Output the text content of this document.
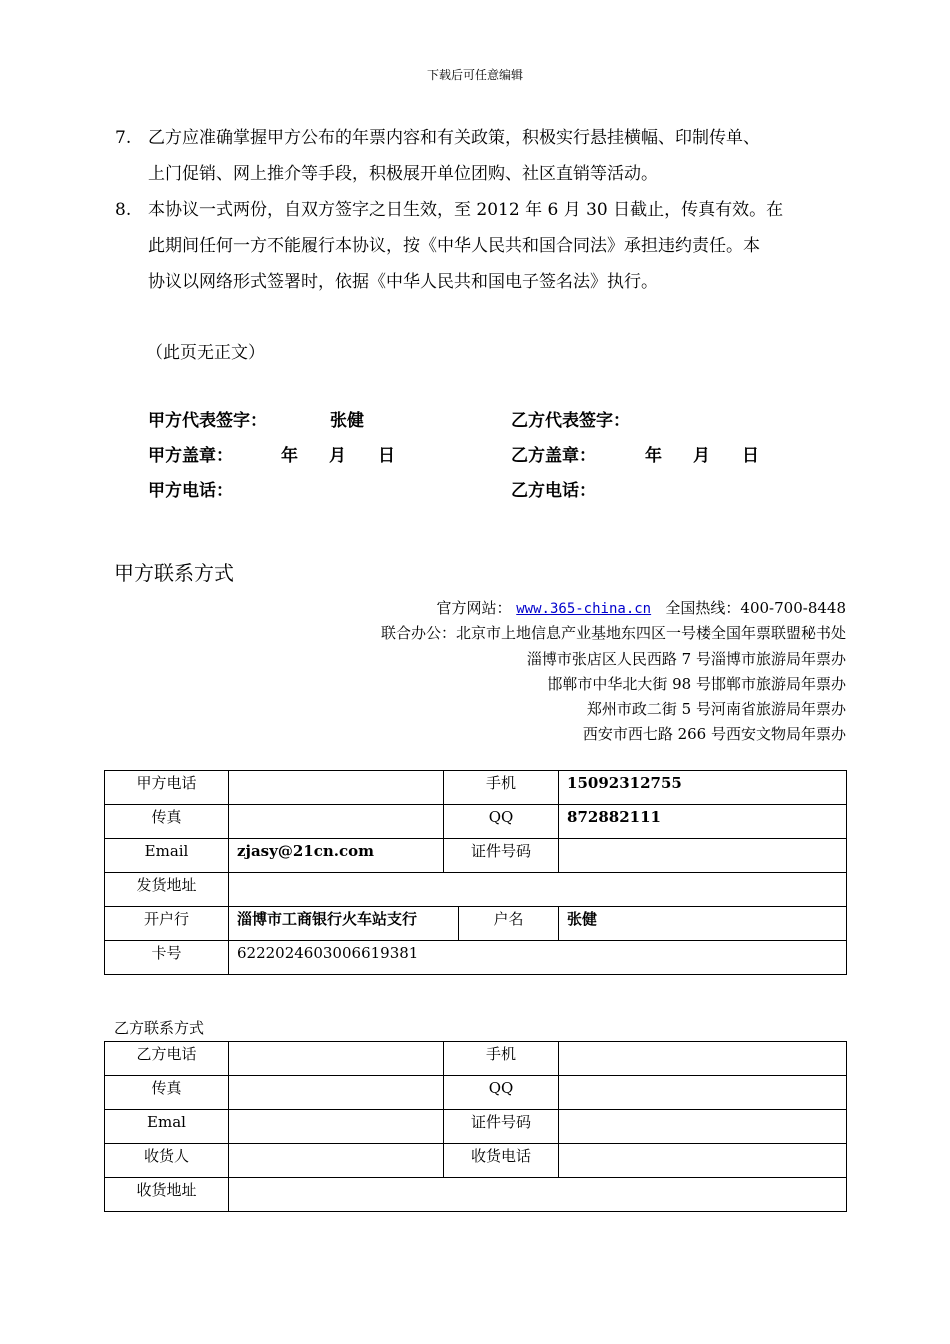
下载后可任意编辑
7. 乙方应准确掌握甲方公布的年票内容和有关政策，积极实行悬挂横幅、印制传单、
上门促销、网上推介等手段，积极展开单位团购、社区直销等活动。
8. 本协议一式两份，自双方签字之日生效，至 2012 年 6 月 30 日截止，传真有效。在
此期间任何一方不能履行本协议，按《中华人民共和国合同法》承担违约责任。本
协议以网络形式签署时，依据《中华人民共和国电子签名法》执行。
（此页无正文）
甲方代表签字：	张健	乙方代表签字：
甲方盖章：	年 月 日	乙方盖章：	年 月 日
甲方电话：	乙方电话：
甲方联系方式
官方网站： www.365-china.cn 全国热线：400-700-8448
联合办公：北京市上地信息产业基地东四区一号楼全国年票联盟秘书处
淄博市张店区人民西路 7 号淄博市旅游局年票办
邯郸市中华北大街 98 号邯郸市旅游局年票办
郑州市政二街 5 号河南省旅游局年票办
西安市西七路 266 号西安文物局年票办
甲方电话		手机		15092312755
传真		QQ		872882111
Email	zjasy@21cn.com	证件号码		
发货地址				
开户行	淄博市工商银行火车站支行		户名	张健
卡号	6222024603006619381			
乙方联系方式
乙方电话		手机	
传真		QQ	
Emal		证件号码	
收货人		收货电话	
收货地址			
